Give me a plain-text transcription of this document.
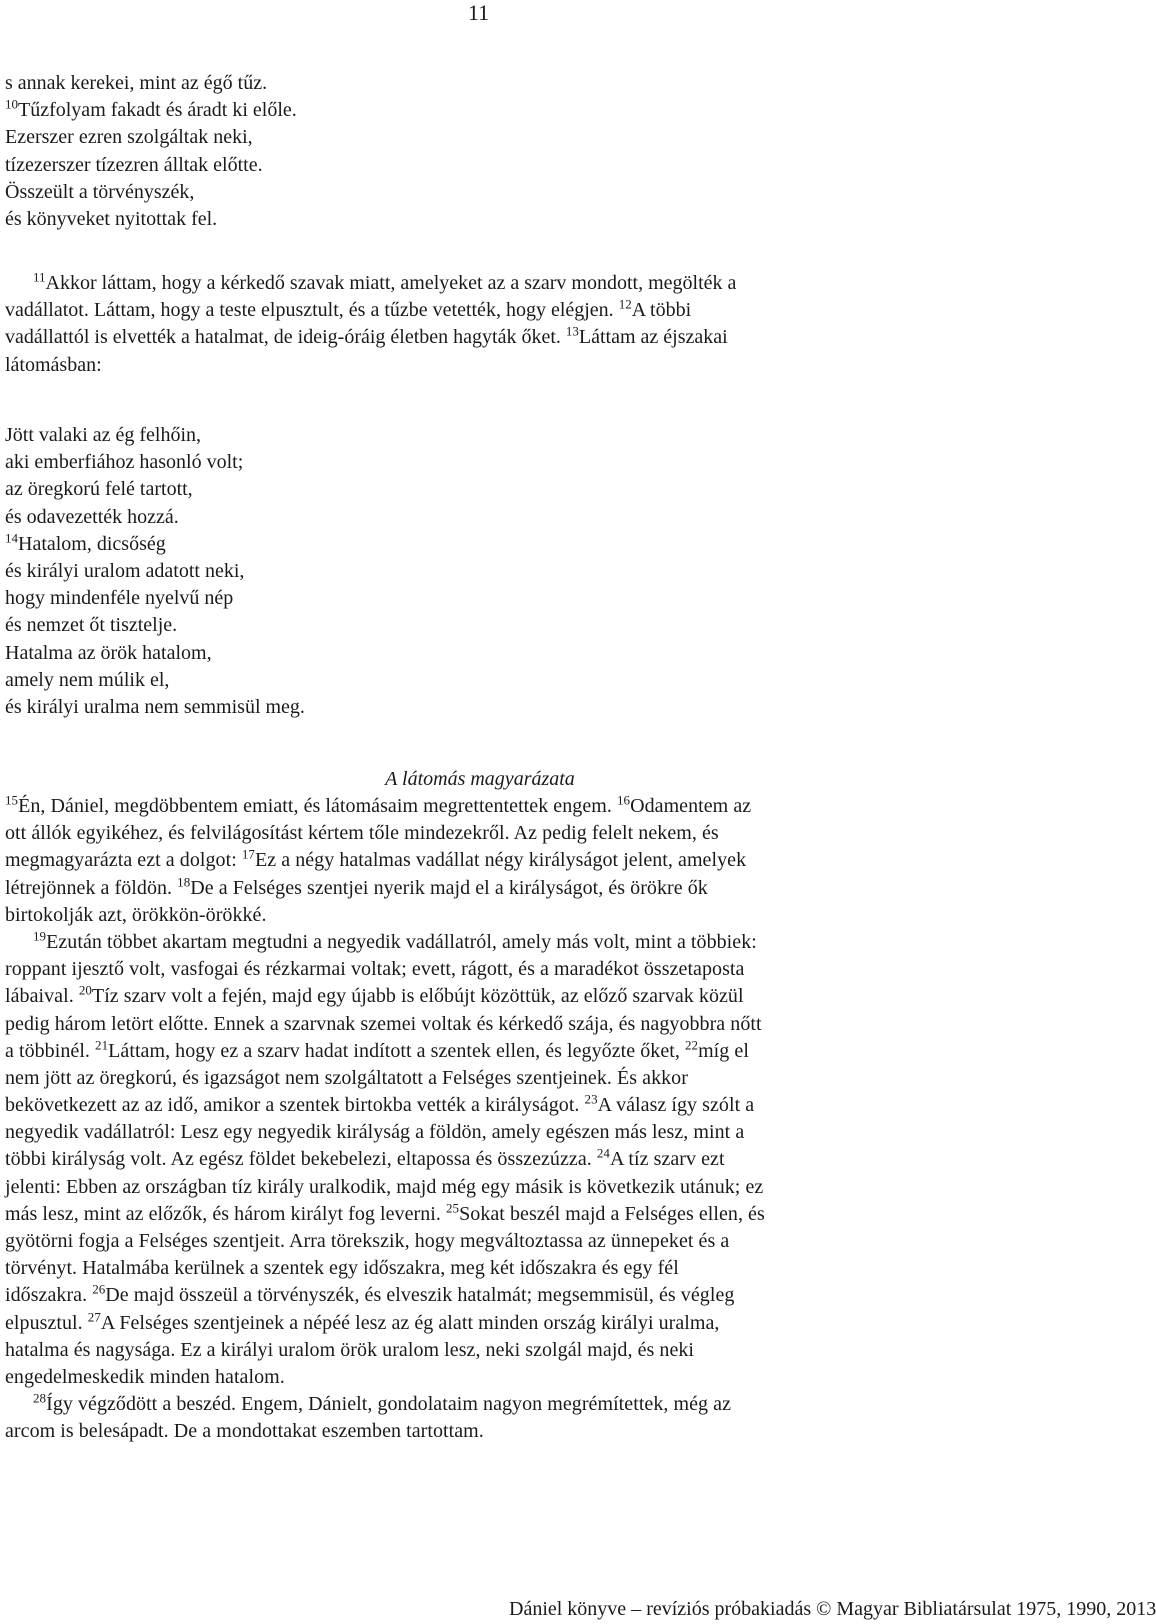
11
s annak kerekei, mint az égő tűz.
$^{10}$Tűzfolyam fakadt és áradt ki előle.
Ezerszer ezren szolgáltak neki,
tízezerszer tízezren álltak előtte.
Összeült a törvényszék,
és könyveket nyitottak fel.
$^{11}$Akkor láttam, hogy a kérkedő szavak miatt, amelyeket az a szarv mondott, megölték a
vadállatot. Láttam, hogy a teste elpusztult, és a tűzbe vetették, hogy elégjen. $^{12}$A többi
vadállattól is elvették a hatalmat, de ideig-óráig életben hagyták őket. $^{13}$Láttam az éjszakai
látomásban:
Jött valaki az ég felhőin,
aki emberfiához hasonló volt;
az öregkorú felé tartott,
és odavezették hozzá.
$^{14}$Hatalom, dicsőség
és királyi uralom adatott neki,
hogy mindenféle nyelvű nép
és nemzet őt tisztelje.
Hatalma az örök hatalom,
amely nem múlik el,
és királyi uralma nem semmisül meg.
A látomás magyarázata
$^{15}$Én, Dániel, megdöbbentem emiatt, és látomásaim megrettentettek engem. $^{16}$Odamentem az
ott állók egyikéhez, és felvilágosítást kértem tőle mindezekről. Az pedig felelt nekem, és
megmagyarázta ezt a dolgot: $^{17}$Ez a négy hatalmas vadállat négy királyságot jelent, amelyek
létrejönnek a földön. $^{18}$De a Felséges szentjei nyerik majd el a királyságot, és örökre ők
birtokolják azt, örökkön-örökké.
$^{19}$Ezután többet akartam megtudni a negyedik vadállatról, amely más volt, mint a többiek:
roppant ijesztő volt, vasfogai és rézkarmai voltak; evett, rágott, és a maradékot összetaposta
lábaival. $^{20}$Tíz szarv volt a fején, majd egy újabb is előbújt közöttük, az előző szarvak közül
pedig három letört előtte. Ennek a szarvnak szemei voltak és kérkedő szája, és nagyobbra nőtt
a többinél. $^{21}$Láttam, hogy ez a szarv hadat indított a szentek ellen, és legyőzte őket, $^{22}$míg el
nem jött az öregkorú, és igazságot nem szolgáltatott a Felséges szentjeinek. És akkor
bekövetkezett az az idő, amikor a szentek birtokba vették a királyságot. $^{23}$A válasz így szólt a
negyedik vadállatról: Lesz egy negyedik királyság a földön, amely egészen más lesz, mint a
többi királyság volt. Az egész földet bekebelezi, eltapossa és összezúzza. $^{24}$A tíz szarv ezt
jelenti: Ebben az országban tíz király uralkodik, majd még egy másik is következik utánuk; ez
más lesz, mint az előzők, és három királyt fog leverni. $^{25}$Sokat beszél majd a Felséges ellen, és
gyötörni fogja a Felséges szentjeit. Arra törekszik, hogy megváltoztassa az ünnepeket és a
törvényt. Hatalmába kerülnek a szentek egy időszakra, meg két időszakra és egy fél
időszakra. $^{26}$De majd összeül a törvényszék, és elveszik hatalmát; megsemmisül, és végleg
elpusztul. $^{27}$A Felséges szentjeinek a népéé lesz az ég alatt minden ország királyi uralma,
hatalma és nagysága. Ez a királyi uralom örök uralom lesz, neki szolgál majd, és neki
engedelmeskedik minden hatalom.
$^{28}$Így végződött a beszéd. Engem, Dánielt, gondolataim nagyon megrémítettek, még az
arcom is belesápadt. De a mondottakat eszemben tartottam.
Dániel könyve – revíziós próbakiadás © Magyar Bibliatársulat 1975, 1990, 2013
